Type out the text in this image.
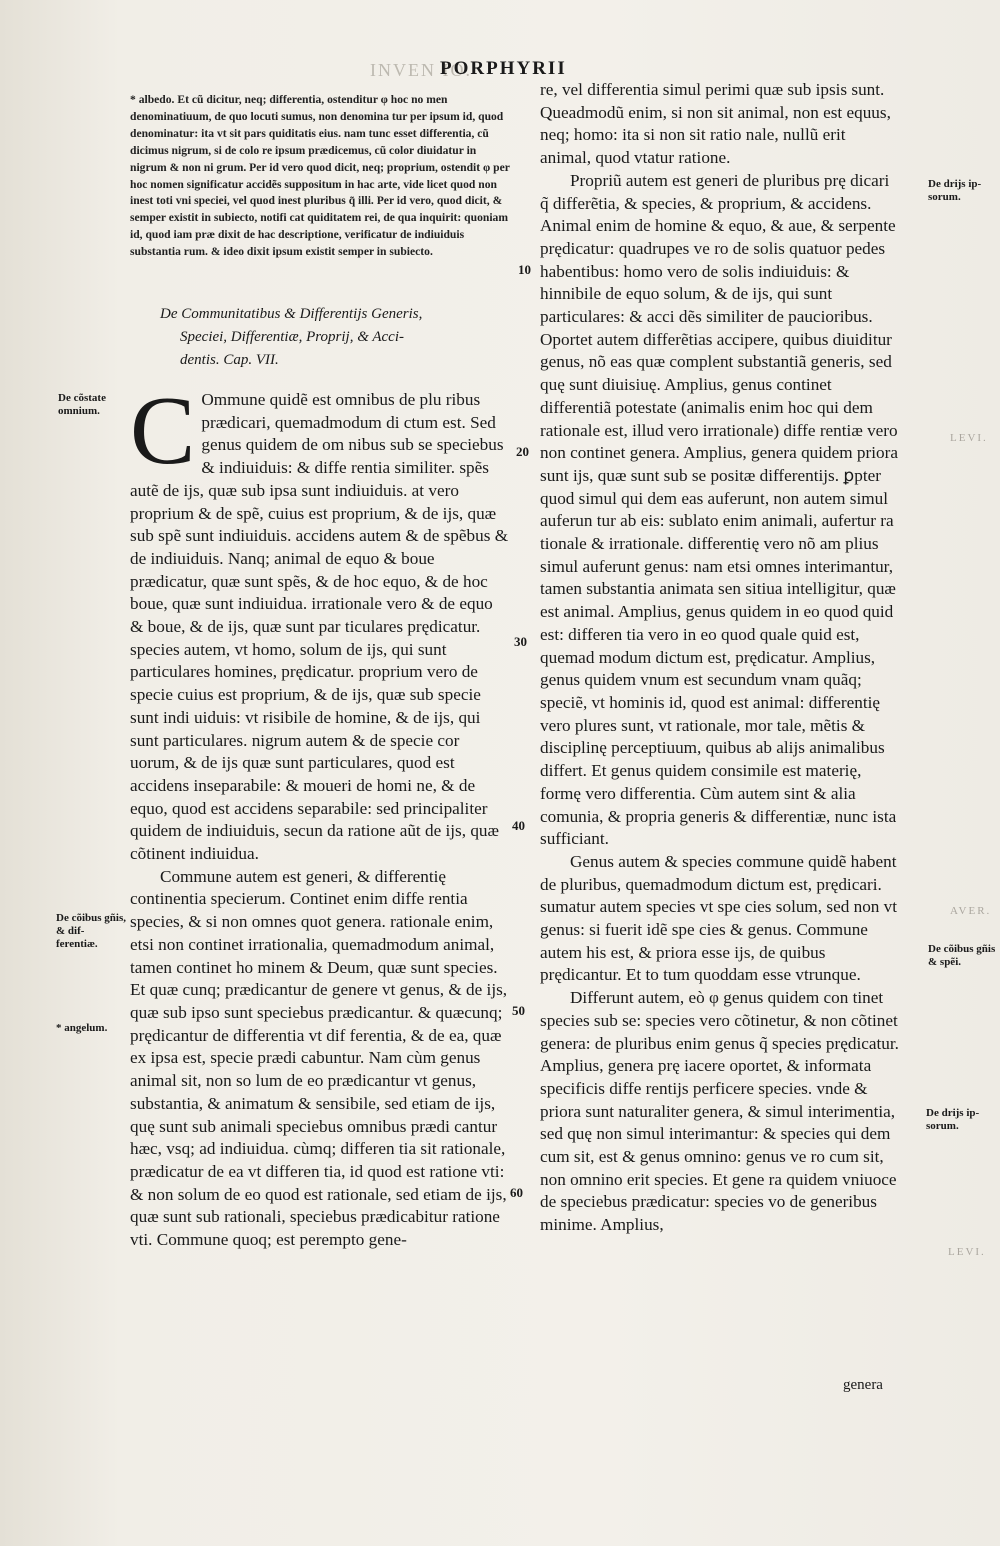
INVEN IO.
PORPHYRII

* albedo. Et cũ dicitur, neq; differentia, ostenditur φ hoc no men denominatiuum, de quo locuti sumus, non denomina tur per ipsum id, quod denominatur: ita vt sit pars quiditatis eius. nam tunc esset differentia, cũ dicimus nigrum, si de colo re ipsum prædicemus, cũ color diuidatur in nigrum & non ni grum. Per id vero quod dicit, neq; proprium, ostendit φ per hoc nomen significatur accidẽs suppositum in hac arte, vide licet quod non inest toti vni speciei, vel quod inest pluribus q̃ illi. Per id vero, quod dicit, & semper existit in subiecto, notifi cat quiditatem rei, de qua inquirit: quoniam id, quod iam præ dixit de hac descriptione, verificatur de indiuiduis substantia rum. & ideo dixit ipsum existit semper in subiecto.

De Communitatibus & Differentijs Generis,
Speciei, Differentiæ, Proprij, & Acci-
dentis. Cap. VII.

C Ommune quidẽ est omnibus de plu ribus prædicari, quemadmodum di ctum est. Sed genus quidem de om nibus sub se speciebus & indiuiduis: & diffe rentia similiter. spẽs autẽ de ijs, quæ sub ipsa sunt indiuiduis. at vero proprium & de spẽ, cuius est proprium, & de ijs, quæ sub spẽ sunt indiuiduis. accidens autem & de spẽbus & de indiuiduis. Nanq; animal de equo & boue prædicatur, quæ sunt spẽs, & de hoc equo, & de hoc boue, quæ sunt indiuidua. irrationale vero & de equo & boue, & de ijs, quæ sunt par ticulares prędicatur. species autem, vt homo, solum de ijs, qui sunt particulares homines, prędicatur. proprium vero de specie cuius est proprium, & de ijs, quæ sub specie sunt indi uiduis: vt risibile de homine, & de ijs, qui sunt particulares. nigrum autem & de specie cor uorum, & de ijs quæ sunt particulares, quod est accidens inseparabile: & moueri de homi ne, & de equo, quod est accidens separabile: sed principaliter quidem de indiuiduis, secun da ratione aũt de ijs, quæ cõtinent indiuidua.

Commune autem est generi, & differentię continentia specierum. Continet enim diffe rentia species, & si non omnes quot genera. rationale enim, etsi non continet irrationalia, quemadmodum animal, tamen continet ho minem & Deum, quæ sunt species. Et quæ cunq; prædicantur de genere vt genus, & de ijs, quæ sub ipso sunt speciebus prædicantur. & quæcunq; prędicantur de differentia vt dif ferentia, & de ea, quæ ex ipsa est, specie prædi cabuntur. Nam cùm genus animal sit, non so lum de eo prædicantur vt genus, substantia, & animatum & sensibile, sed etiam de ijs, quę sunt sub animali speciebus omnibus prædi cantur hæc, vsq; ad indiuidua. cùmq; differen tia sit rationale, prædicatur de ea vt differen tia, id quod est ratione vti: & non solum de eo quod est rationale, sed etiam de ijs, quæ sunt sub rationali, speciebus prædicabitur ratione vti. Commune quoq; est perempto gene-

re, vel differentia simul perimi quæ sub ipsis sunt. Queadmodũ enim, si non sit animal, non est equus, neq; homo: ita si non sit ratio nale, nullũ erit animal, quod vtatur ratione.

Propriũ autem est generi de pluribus prę dicari q̃ differẽtia, & species, & proprium, & accidens. Animal enim de homine & equo, & aue, & serpente prędicatur: quadrupes ve ro de solis quatuor pedes habentibus: homo vero de solis indiuiduis: & hinnibile de equo solum, & de ijs, qui sunt particulares: & acci dẽs similiter de paucioribus. Oportet autem differẽtias accipere, quibus diuiditur genus, nõ eas quæ complent substantiã generis, sed quę sunt diuisiuę. Amplius, genus continet differentiã potestate (animalis enim hoc qui dem rationale est, illud vero irrationale) diffe rentiæ vero non continet genera. Amplius, genera quidem priora sunt ijs, quæ sunt sub se positæ differentijs. ꝑpter quod simul qui dem eas auferunt, non autem simul auferun tur ab eis: sublato enim animali, aufertur ra tionale & irrationale. differentię vero nõ am plius simul auferunt genus: nam etsi omnes interimantur, tamen substantia animata sen sitiua intelligitur, quæ est animal. Amplius, genus quidem in eo quod quid est: differen tia vero in eo quod quale quid est, quemad modum dictum est, prędicatur. Amplius, genus quidem vnum est secundum vnam quãq; speciẽ, vt hominis id, quod est animal: differentię vero plures sunt, vt rationale, mor tale, mẽtis & disciplinę perceptiuum, quibus ab alijs animalibus differt. Et genus quidem consimile est materię, formę vero differentia. Cùm autem sint & alia comunia, & propria generis & differentiæ, nunc ista sufficiant.

Genus autem & species commune quidẽ habent de pluribus, quemadmodum dictum est, prędicari. sumatur autem species vt spe cies solum, sed non vt genus: si fuerit idẽ spe cies & genus. Commune autem his est, & priora esse ijs, de quibus prędicantur. Et to tum quoddam esse vtrunque.

Differunt autem, eò φ genus quidem con tinet species sub se: species vero cõtinetur, & non cõtinet genera: de pluribus enim genus q̃ species prędicatur. Amplius, genera prę iacere oportet, & informata specificis diffe rentijs perficere species. vnde & priora sunt naturaliter genera, & simul interimentia, sed quę non simul interimantur: & species qui dem cum sit, est & genus omnino: genus ve ro cum sit, non omnino erit species. Et gene ra quidem vniuoce de speciebus prædicatur: species vo de generibus minime. Amplius,

genera
De cõstate omnium.
De cõibus gñis, & dif- ferentiæ.
* angelum.
De drijs ip- sorum.
De cõibus gñis & spẽi.
De drijs ip- sorum.
10
20
30
40
50
60
LEVI.
AVER.
LEVI.
